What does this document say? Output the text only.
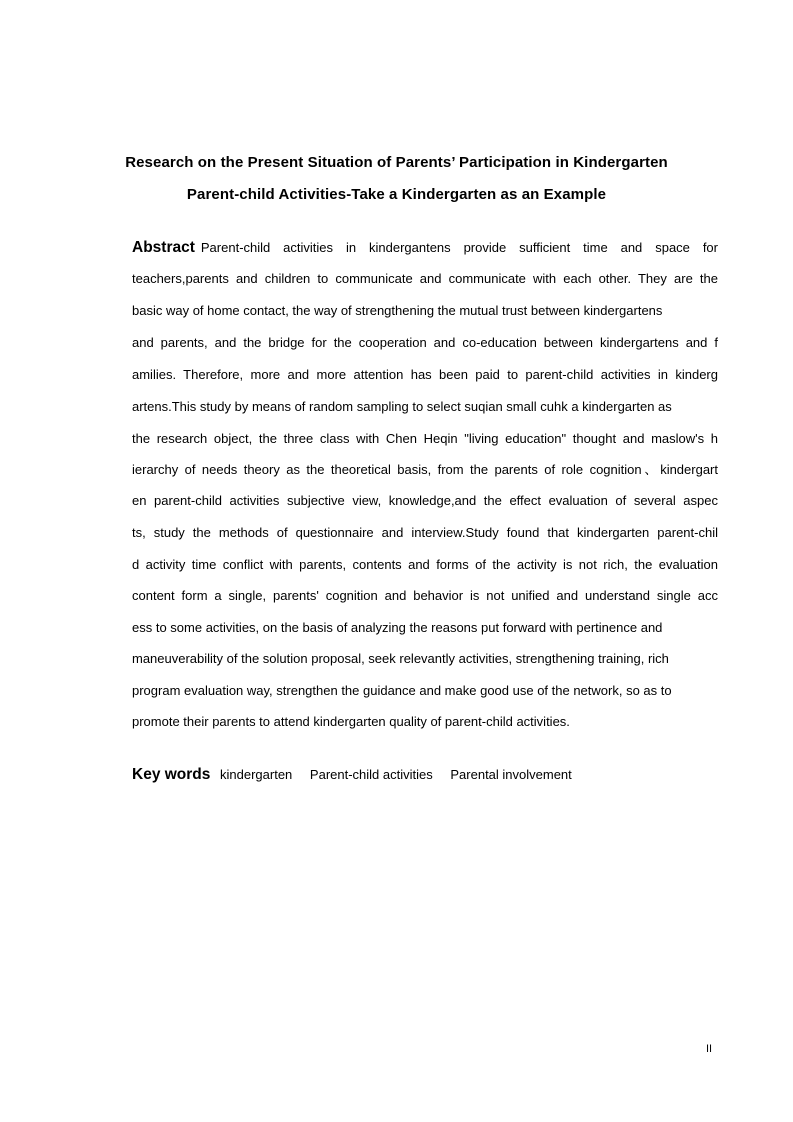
Research on the Present Situation of Parents’ Participation in Kindergarten
Parent-child Activities-Take a Kindergarten as an Example
Abstract Parent-child activities in kindergantens provide sufficient time and space for
teachers,parents and children to communicate and communicate with each other. They are the
basic way of home contact, the way of strengthening the mutual trust between kindergartens
and parents, and the bridge for the cooperation and co-education between kindergartens and f
amilies. Therefore, more and more attention has been paid to parent-child activities in kinderg
artens.This study by means of random sampling to select suqian small cuhk a kindergarten as
the research object, the three class with Chen Heqin "living education" thought and maslow's h
ierarchy of needs theory as the theoretical basis, from the parents of role cognition、kindergart
en parent-child activities subjective view, knowledge,and the effect evaluation of several aspec
ts, study the methods of questionnaire and interview.Study found that kindergarten parent-chil
d activity time conflict with parents, contents and forms of the activity is not rich, the evaluation
content form a single, parents' cognition and behavior is not unified and understand single acc
ess to some activities, on the basis of analyzing the reasons put forward with pertinence and
maneuverability of the solution proposal, seek relevantly activities, strengthening training, rich
program evaluation way, strengthen the guidance and make good use of the network, so as to
promote their parents to attend kindergarten quality of parent-child activities.
Key words kindergarten Parent-child activities Parental involvement
II
